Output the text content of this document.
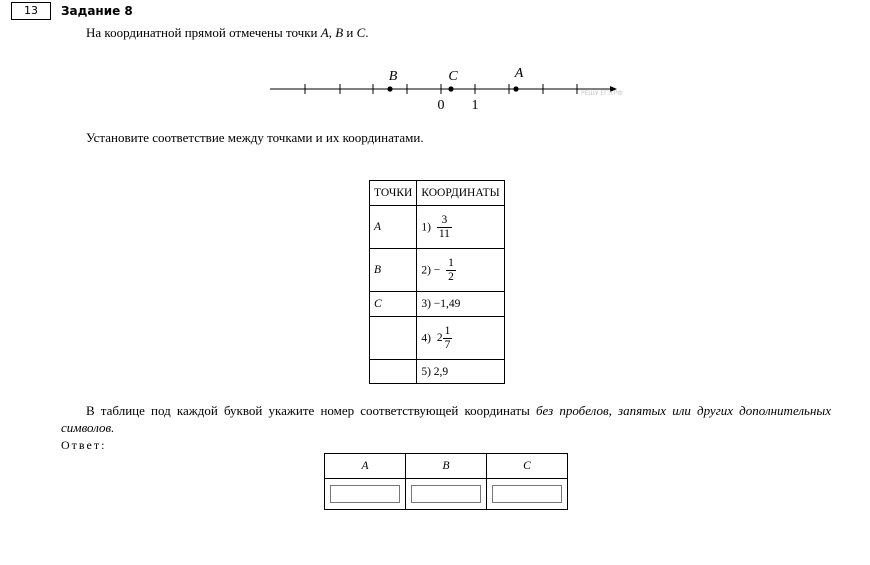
13	Задание 8
На координатной прямой отмечены точки A, B и C.
B	C	A
0 1
РЕШУ ЕГЭ.РФ
Установите соответствие между точками и их координатами.
ТОЧКИ	КООРДИНАТЫ
A	$1) \frac{3}{11}$

B	$2) - \frac{1}{2}$

C	3) −1,49
	4) $2 \frac{1}{7}$

	5) 2,9
В таблице под каждой буквой укажите номер соответствующей координаты без пробелов, запятых или других дополнительных символов.
Ответ:
A	B	C
